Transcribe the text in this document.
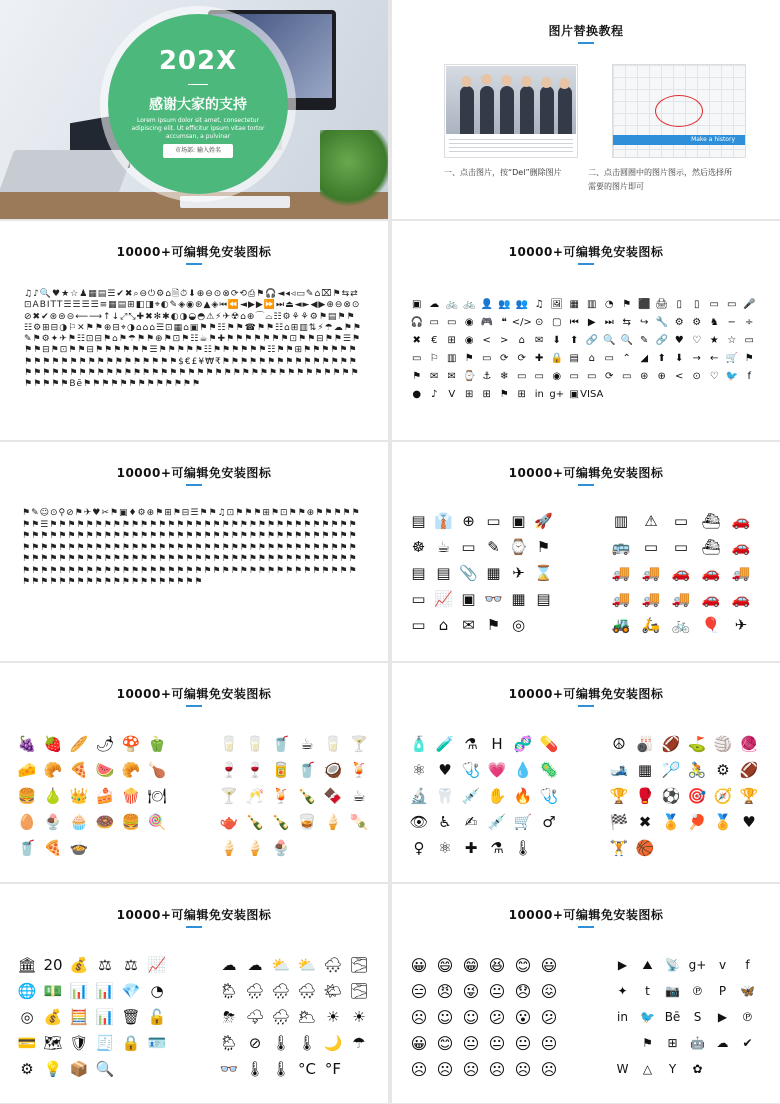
202X
感谢大家的支持
Lorem ipsum dolor sit amet, consectetur adipiscing elit. Ut efficitur ipsum vitae tortor accumsan, a pulvinar
市场部: 输入姓名
图片替换教程
Make a history
一、点击图片，按“Del”删除图片	二、点击圆圈中的图片图示，然后选择所需要的图片即可
10000+可编辑免安装图标
♫♪🔍♥★☆♟▦▤☰✔✖⌕⊖⏻⚙⌂🗎⏱⬇⊕⊖⊙⊗⟳⟲⎙⚑🎧◄◂◃▭✎⌂⌧⚑⇆⇄⊡ABITT☰☰☰☰≡▦▤⊞◧◨⌖◐✎◈◉⊛▲◈⏮⏪◄▶▶⏩⏭⏏◄►◀▶⊕⊖⊗⊙⊘✖✔⊛⊜⊝⟵⟶↑↓⤢⤡✚✖✻✱◐◑◒◓⚠⚡✈☢⌂⊕⌒⌓☷⚙⚘⚘⚙⚑▤⚑⚑☷⚙⊞⊟◑⚐✕⚑⚑⊕⊟⌖◑⌂⌂⌂☰⊡▦⌂▣⚑⚑☷⚑⚑☎⚑⚑☷⌂⊞▥⇅⚡☂☁⚑⚑✎⚑⚙✦✈⚑☷⊡⊟⚑⌂⚑☂⚑⚑⊕⚑⊡⚑☷☕⚑✚⚑⚑⚑⚑⚑⚑⚑⊡⚑⚑⊟⚑⚑☰⚑⚑⚑⊟⚑⊡⚑⚑⊟⚑⚑⚑⚑⚑⚑☰⚑⚑⚑⚑⚑☷⚑⚑⚑⚑⚑⚑☷⚑⚑⊞⚑⚑⚑⚑⚑⚑⚑⚑⚑⚑⚑⚑⚑⚑⚑⚑⚑⚑⚑⚑⚑⚑⚑$€£¥₩₹⚑⚑⚑⚑⚑⚑⚑⚑⚑⚑⚑⚑⚑⚑⚑⚑⚑⚑⚑⚑⚑⚑⚑⚑⚑⚑⚑⚑⚑⚑⚑⚑⚑⚑⚑⚑⚑⚑⚑⚑⚑⚑⚑⚑⚑⚑⚑⚑⚑⚑⚑⚑⚑⚑⚑⚑⚑Bē⚑⚑⚑⚑⚑⚑⚑⚑⚑⚑⚑⚑⚑
10000+可编辑免安装图标
▣ ☁ 🚲 🚲 👤 👥 👥 ♫ 🖼 ▦ ▥ ◔ ⚑ ⬛ 🖨 ▯	▯	▭ ▭ 🎤
🎧 ▭ ▭ ◉ 🎮 ❝ </> ⊙ ▢ ⏮ ▶ ⏭ ⇆ ↪ 🔧 ⚙ ⚙ ♞ − ÷
✖	€	⊞ ◉ < >	⌂	✉ ⬇ ⬆ 🔗 🔍 🔍 ✎ 🔗 ♥ ♡ ★ ☆ ▭
▭ ⚐ ▥ ⚑ ▭ ⟳ ⟳ ✚ 🔒 ▤ ⌂ ▭ ⌃ ◢ ⬆ ⬇ → ← 🛒 ⚑
⚑ ✉ ✉ ⌚ ⚓ ❄ ▭ ▭ ◉ ▭ ▭ ⟳ ▭ ⊛ ⊕ < ⊙ ♡ 🐦 f
● ♪	V ⊞ ⊞ ⚑ ⊞ in g+ ▣ VISA
10000+可编辑免安装图标
⚑✎☺⊙⚲⊘⚑✈♥✂⚑▣♦⚙⊕⚑⊞⚑⊟☰⚑⚑♫⊡⚑⚑⚑⊞⚑⊡⚑⚑⊕⚑⚑⚑⚑⚑⚑⚑☰⚑⚑⚑⚑⚑⚑⚑⚑⚑⚑⚑⚑⚑⚑⚑⚑⚑⚑⚑⚑⚑⚑⚑⚑⚑⚑⚑⚑⚑⚑⚑⚑⚑⚑⚑⚑⚑⚑⚑⚑⚑⚑⚑⚑⚑⚑⚑⚑⚑⚑⚑⚑⚑⚑⚑⚑⚑⚑⚑⚑⚑⚑⚑⚑⚑⚑⚑⚑⚑⚑⚑⚑⚑⚑⚑⚑⚑⚑⚑⚑⚑⚑⚑⚑⚑⚑⚑⚑⚑⚑⚑⚑⚑⚑⚑⚑⚑⚑⚑⚑⚑⚑⚑⚑⚑⚑⚑⚑⚑⚑⚑⚑⚑⚑⚑⚑⚑⚑⚑⚑⚑⚑⚑⚑⚑⚑⚑⚑⚑⚑⚑⚑⚑⚑⚑⚑⚑⚑⚑⚑⚑⚑⚑⚑⚑⚑⚑⚑⚑⚑⚑⚑⚑⚑⚑⚑⚑⚑⚑⚑⚑⚑⚑⚑⚑⚑⚑⚑⚑⚑⚑⚑⚑⚑⚑⚑⚑⚑⚑⚑⚑⚑⚑⚑⚑⚑⚑⚑⚑⚑⚑⚑⚑⚑⚑⚑⚑⚑⚑⚑⚑⚑
10000+可编辑免安装图标
▤ 👔 ⊕ ▭ ▣ 🚀
☸ ☕ ▭ ✎ ⌚ ⚑
▤ ▤ 📎 ▦ ✈ ⌛
▭ 📈 ▣ 👓 ▦ ▤
▭ ⌂ ✉ ⚑ ◎
▥	⚠	▭ ⛴ 🚗
🚌 ▭	▭ ⛴ 🚗
🚚 🚚 🚗 🚗 🚚
🚚 🚚 🚚 🚗 🚗
🚜 🛵 🚲 🎈 ✈
10000+可编辑免安装图标
🍇 🍓 🥖 🌶 🍄 🫑
🧀 🥐 🍕 🍉 🥐 🍗
🍔 🍐 👑 🍰 🍿 🍽
🥚 🍨 🧁 🍩 🍔 🍭
🥤 🍕 🍲
🥛 🥛 🥤 ☕ 🥛 🍸
🍷 🍷 🥫 🥤 🥥 🍹
🍸 🥂 🍹 🍾 🍫 ☕
🫖 🍾 🍾 🥃 🍦 🍡
🍦 🍦 🍨
10000+可编辑免安装图标
🧴 🧪 ⚗ H 🧬 💊
⚛ ♥ 🩺 💗 💧 🦠
🔬 🦷 💉 ✋ 🔥 🩺
👁 ♿ ✍ 💉 🛒 ♂
♀ ⚛ ✚ ⚗ 🌡
☮ 🎳 🏈 ⛳ 🏐 🧶
🎿 ▦ 🏸 🚴 ⚙ 🏈
🏆 🥊 ⚽ 🎯 🧭 🏆
🏁 ✖ 🏅 🏓 🏅 ♥
🏋 🏀
10000+可编辑免安装图标
🏛 20 💰 ⚖ ⚖ 📈
🌐 💵 📊 📊 💎 ◔
◎ 💰 🧮 📊 🗑 🔓
💳 🗺 🛡 🧾 🔒 🪪
⚙ 💡 📦 🔍
☁ ☁ ⛅ ⛅ 🌨 🌫
🌦 🌧 🌧 🌨 🌤 🌫
⛈ 🌩 🌧 🌥 ☀ ☀
🌦 ⊘ 🌡 🌡 🌙 ☂
👓 🌡 🌡 °C °F
10000+可编辑免安装图标
😀 😄 😁 😆 😊 😃
😑 😠 😜 😐 😞 😖
☹ ☺ ☺ 😕 😮 😕
😀 😊 😐 😐 😐 😐
☹ ☹ ☹ ☹ ☹ ☹
▶	⛰	📡 g+	v	f
✦	t	📷 ℗	P	🦋
in	🐦 Bē	S	▶	℗
⚑	⊞	🤖 ☁	✔
W	△	Y	✿
